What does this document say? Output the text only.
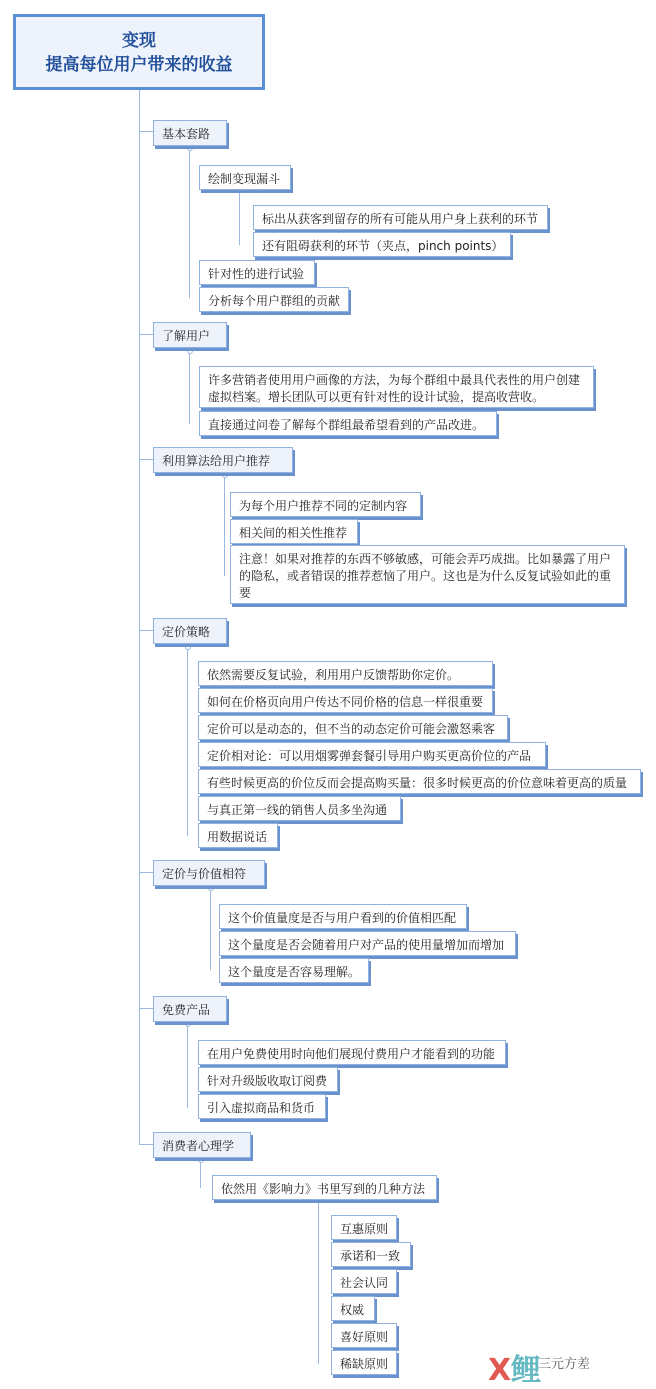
变现
提高每位用户带来的收益
基本套路
绘制变现漏斗
标出从获客到留存的所有可能从用户身上获利的环节
还有阻碍获利的环节（夹点，pinch points）
针对性的进行试验
分析每个用户群组的贡献
了解用户
许多营销者使用用户画像的方法，为每个群组中最具代表性的用户创建虚拟档案。增长团队可以更有针对性的设计试验，提高收营收。
直接通过问卷了解每个群组最希望看到的产品改进。
利用算法给用户推荐
为每个用户推荐不同的定制内容
相关间的相关性推荐
注意！如果对推荐的东西不够敏感，可能会弄巧成拙。比如暴露了用户的隐私，或者错误的推荐惹恼了用户。这也是为什么反复试验如此的重要
定价策略
依然需要反复试验，利用用户反馈帮助你定价。
如何在价格页向用户传达不同价格的信息一样很重要
定价可以是动态的，但不当的动态定价可能会激怒乘客
定价相对论：可以用烟雾弹套餐引导用户购买更高价位的产品
有些时候更高的价位反而会提高购买量：很多时候更高的价位意味着更高的质量
与真正第一线的销售人员多坐沟通
用数据说话
定价与价值相符
这个价值量度是否与用户看到的价值相匹配
这个量度是否会随着用户对产品的使用量增加而增加
这个量度是否容易理解。
免费产品
在用户免费使用时向他们展现付费用户才能看到的功能
针对升级版收取订阅费
引入虚拟商品和货币
消费者心理学
依然用《影响力》书里写到的几种方法
互惠原则
承诺和一致
社会认同
权威
喜好原则
稀缺原则	X鲤
三元方差
